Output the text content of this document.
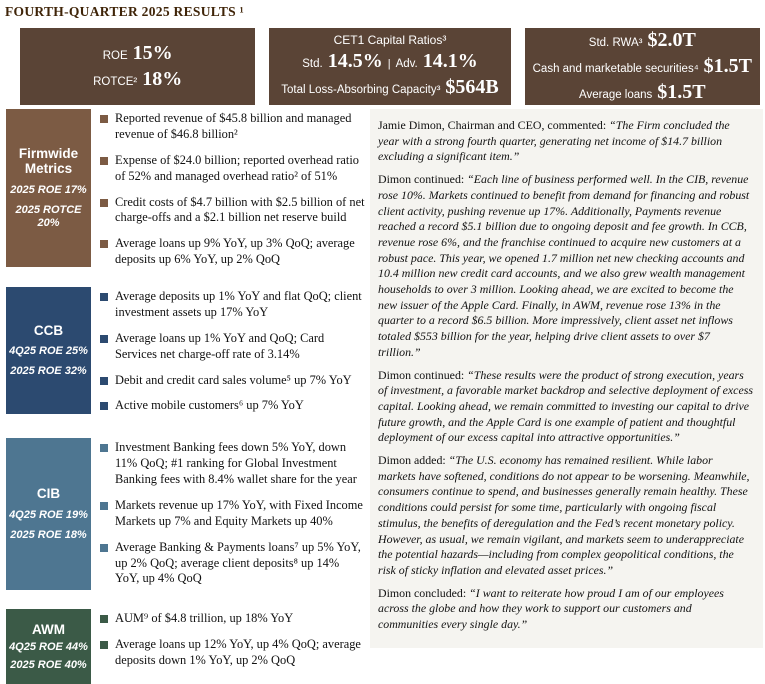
FOURTH-QUARTER 2025 RESULTS ¹
ROE 15%
ROTCE² 18%
CET1 Capital Ratios³
Std. 14.5% | Adv. 14.1%
Total Loss-Absorbing Capacity³ $564B
Std. RWA³ $2.0T
Cash and marketable securities⁴ $1.5T
Average loans $1.5T
Firmwide Metrics
2025 ROE 17%
2025 ROTCE 20%
Reported revenue of $45.8 billion and managed revenue of $46.8 billion²
Expense of $24.0 billion; reported overhead ratio of 52% and managed overhead ratio² of 51%
Credit costs of $4.7 billion with $2.5 billion of net charge-offs and a $2.1 billion net reserve build
Average loans up 9% YoY, up 3% QoQ; average deposits up 6% YoY, up 2% QoQ
CCB
4Q25 ROE 25%
2025 ROE 32%
Average deposits up 1% YoY and flat QoQ; client investment assets up 17% YoY
Average loans up 1% YoY and QoQ; Card Services net charge-off rate of 3.14%
Debit and credit card sales volume⁵ up 7% YoY
Active mobile customers⁶ up 7% YoY
CIB
4Q25 ROE 19%
2025 ROE 18%
Investment Banking fees down 5% YoY, down 11% QoQ; #1 ranking for Global Investment Banking fees with 8.4% wallet share for the year
Markets revenue up 17% YoY, with Fixed Income Markets up 7% and Equity Markets up 40%
Average Banking & Payments loans⁷ up 5% YoY, up 2% QoQ; average client deposits⁸ up 14% YoY, up 4% QoQ
AWM
4Q25 ROE 44%
2025 ROE 40%
AUM⁹ of $4.8 trillion, up 18% YoY
Average loans up 12% YoY, up 4% QoQ; average deposits down 1% YoY, up 2% QoQ

Jamie Dimon, Chairman and CEO, commented: “The Firm concluded the year with a strong fourth quarter, generating net income of $14.7 billion excluding a significant item.”

Dimon continued: “Each line of business performed well. In the CIB, revenue rose 10%. Markets continued to benefit from demand for financing and robust client activity, pushing revenue up 17%. Additionally, Payments revenue reached a record $5.1 billion due to ongoing deposit and fee growth. In CCB, revenue rose 6%, and the franchise continued to acquire new customers at a robust pace. This year, we opened 1.7 million net new checking accounts and 10.4 million new credit card accounts, and we also grew wealth management households to over 3 million. Looking ahead, we are excited to become the new issuer of the Apple Card. Finally, in AWM, revenue rose 13% in the quarter to a record $6.5 billion. More impressively, client asset net inflows totaled $553 billion for the year, helping drive client assets to over $7 trillion.”

Dimon continued: “These results were the product of strong execution, years of investment, a favorable market backdrop and selective deployment of excess capital. Looking ahead, we remain committed to investing our capital to drive future growth, and the Apple Card is one example of patient and thoughtful deployment of our excess capital into attractive opportunities.”

Dimon added: “The U.S. economy has remained resilient. While labor markets have softened, conditions do not appear to be worsening. Meanwhile, consumers continue to spend, and businesses generally remain healthy. These conditions could persist for some time, particularly with ongoing fiscal stimulus, the benefits of deregulation and the Fed’s recent monetary policy. However, as usual, we remain vigilant, and markets seem to underappreciate the potential hazards—including from complex geopolitical conditions, the risk of sticky inflation and elevated asset prices.”

Dimon concluded: “I want to reiterate how proud I am of our employees across the globe and how they work to support our customers and communities every single day.”
